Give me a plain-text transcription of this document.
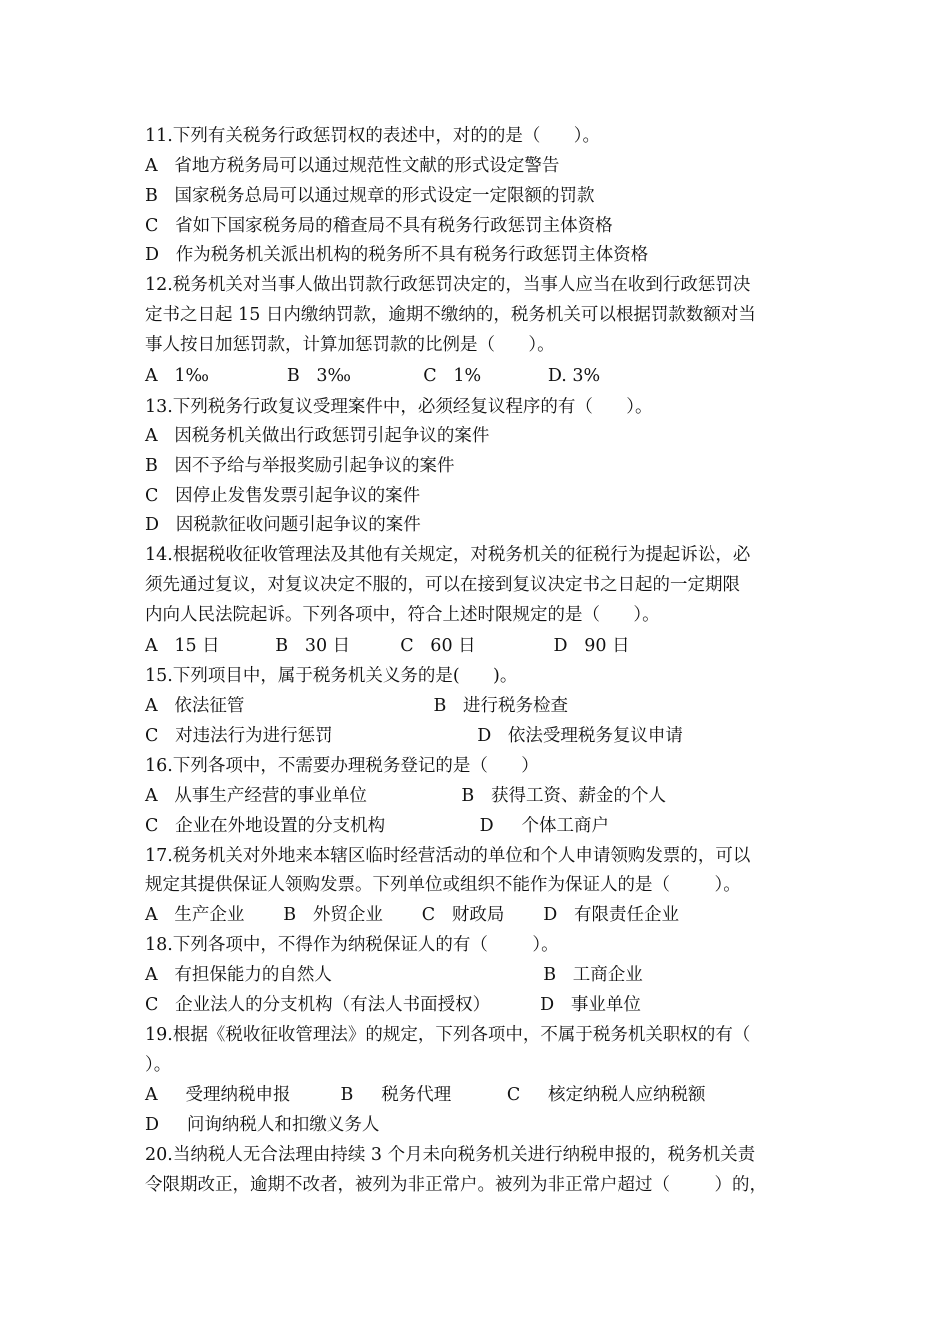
11.下列有关税务行政惩罚权的表述中，对的的是（      ）。
A   省地方税务局可以通过规范性文献的形式设定警告
B   国家税务总局可以通过规章的形式设定一定限额的罚款
C   省如下国家税务局的稽查局不具有税务行政惩罚主体资格
D   作为税务机关派出机构的税务所不具有税务行政惩罚主体资格
12.税务机关对当事人做出罚款行政惩罚决定的，当事人应当在收到行政惩罚决
定书之日起 15 日内缴纳罚款，逾期不缴纳的，税务机关可以根据罚款数额对当
事人按日加惩罚款，计算加惩罚款的比例是（      ）。
A   1‰              B   3‰             C   1%            D. 3%
13.下列税务行政复议受理案件中，必须经复议程序的有（      ）。
A   因税务机关做出行政惩罚引起争议的案件
B   因不予给与举报奖励引起争议的案件
C   因停止发售发票引起争议的案件
D   因税款征收问题引起争议的案件
14.根据税收征收管理法及其他有关规定，对税务机关的征税行为提起诉讼，必
须先通过复议，对复议决定不服的，可以在接到复议决定书之日起的一定期限
内向人民法院起诉。下列各项中，符合上述时限规定的是（      ）。
A   15 日          B   30 日         C   60 日              D   90 日
15.下列项目中，属于税务机关义务的是(      )。
A   依法征管                                  B   进行税务检查
C   对违法行为进行惩罚                          D   依法受理税务复议申请
16.下列各项中，不需要办理税务登记的是（      ）
A   从事生产经营的事业单位                 B   获得工资、薪金的个人
C   企业在外地设置的分支机构                 D     个体工商户
17.税务机关对外地来本辖区临时经营活动的单位和个人申请领购发票的，可以
规定其提供保证人领购发票。下列单位或组织不能作为保证人的是（        ）。
A   生产企业       B   外贸企业       C   财政局       D   有限责任企业
18.下列各项中，不得作为纳税保证人的有（        ）。
A   有担保能力的自然人                                      B   工商企业
C   企业法人的分支机构（有法人书面授权）         D   事业单位
19.根据《税收征收管理法》的规定，下列各项中，不属于税务机关职权的有（
）。
A     受理纳税申报         B     税务代理          C     核定纳税人应纳税额
D     问询纳税人和扣缴义务人
20.当纳税人无合法理由持续 3 个月未向税务机关进行纳税申报的，税务机关责
令限期改正，逾期不改者，被列为非正常户。被列为非正常户超过（        ）的，
